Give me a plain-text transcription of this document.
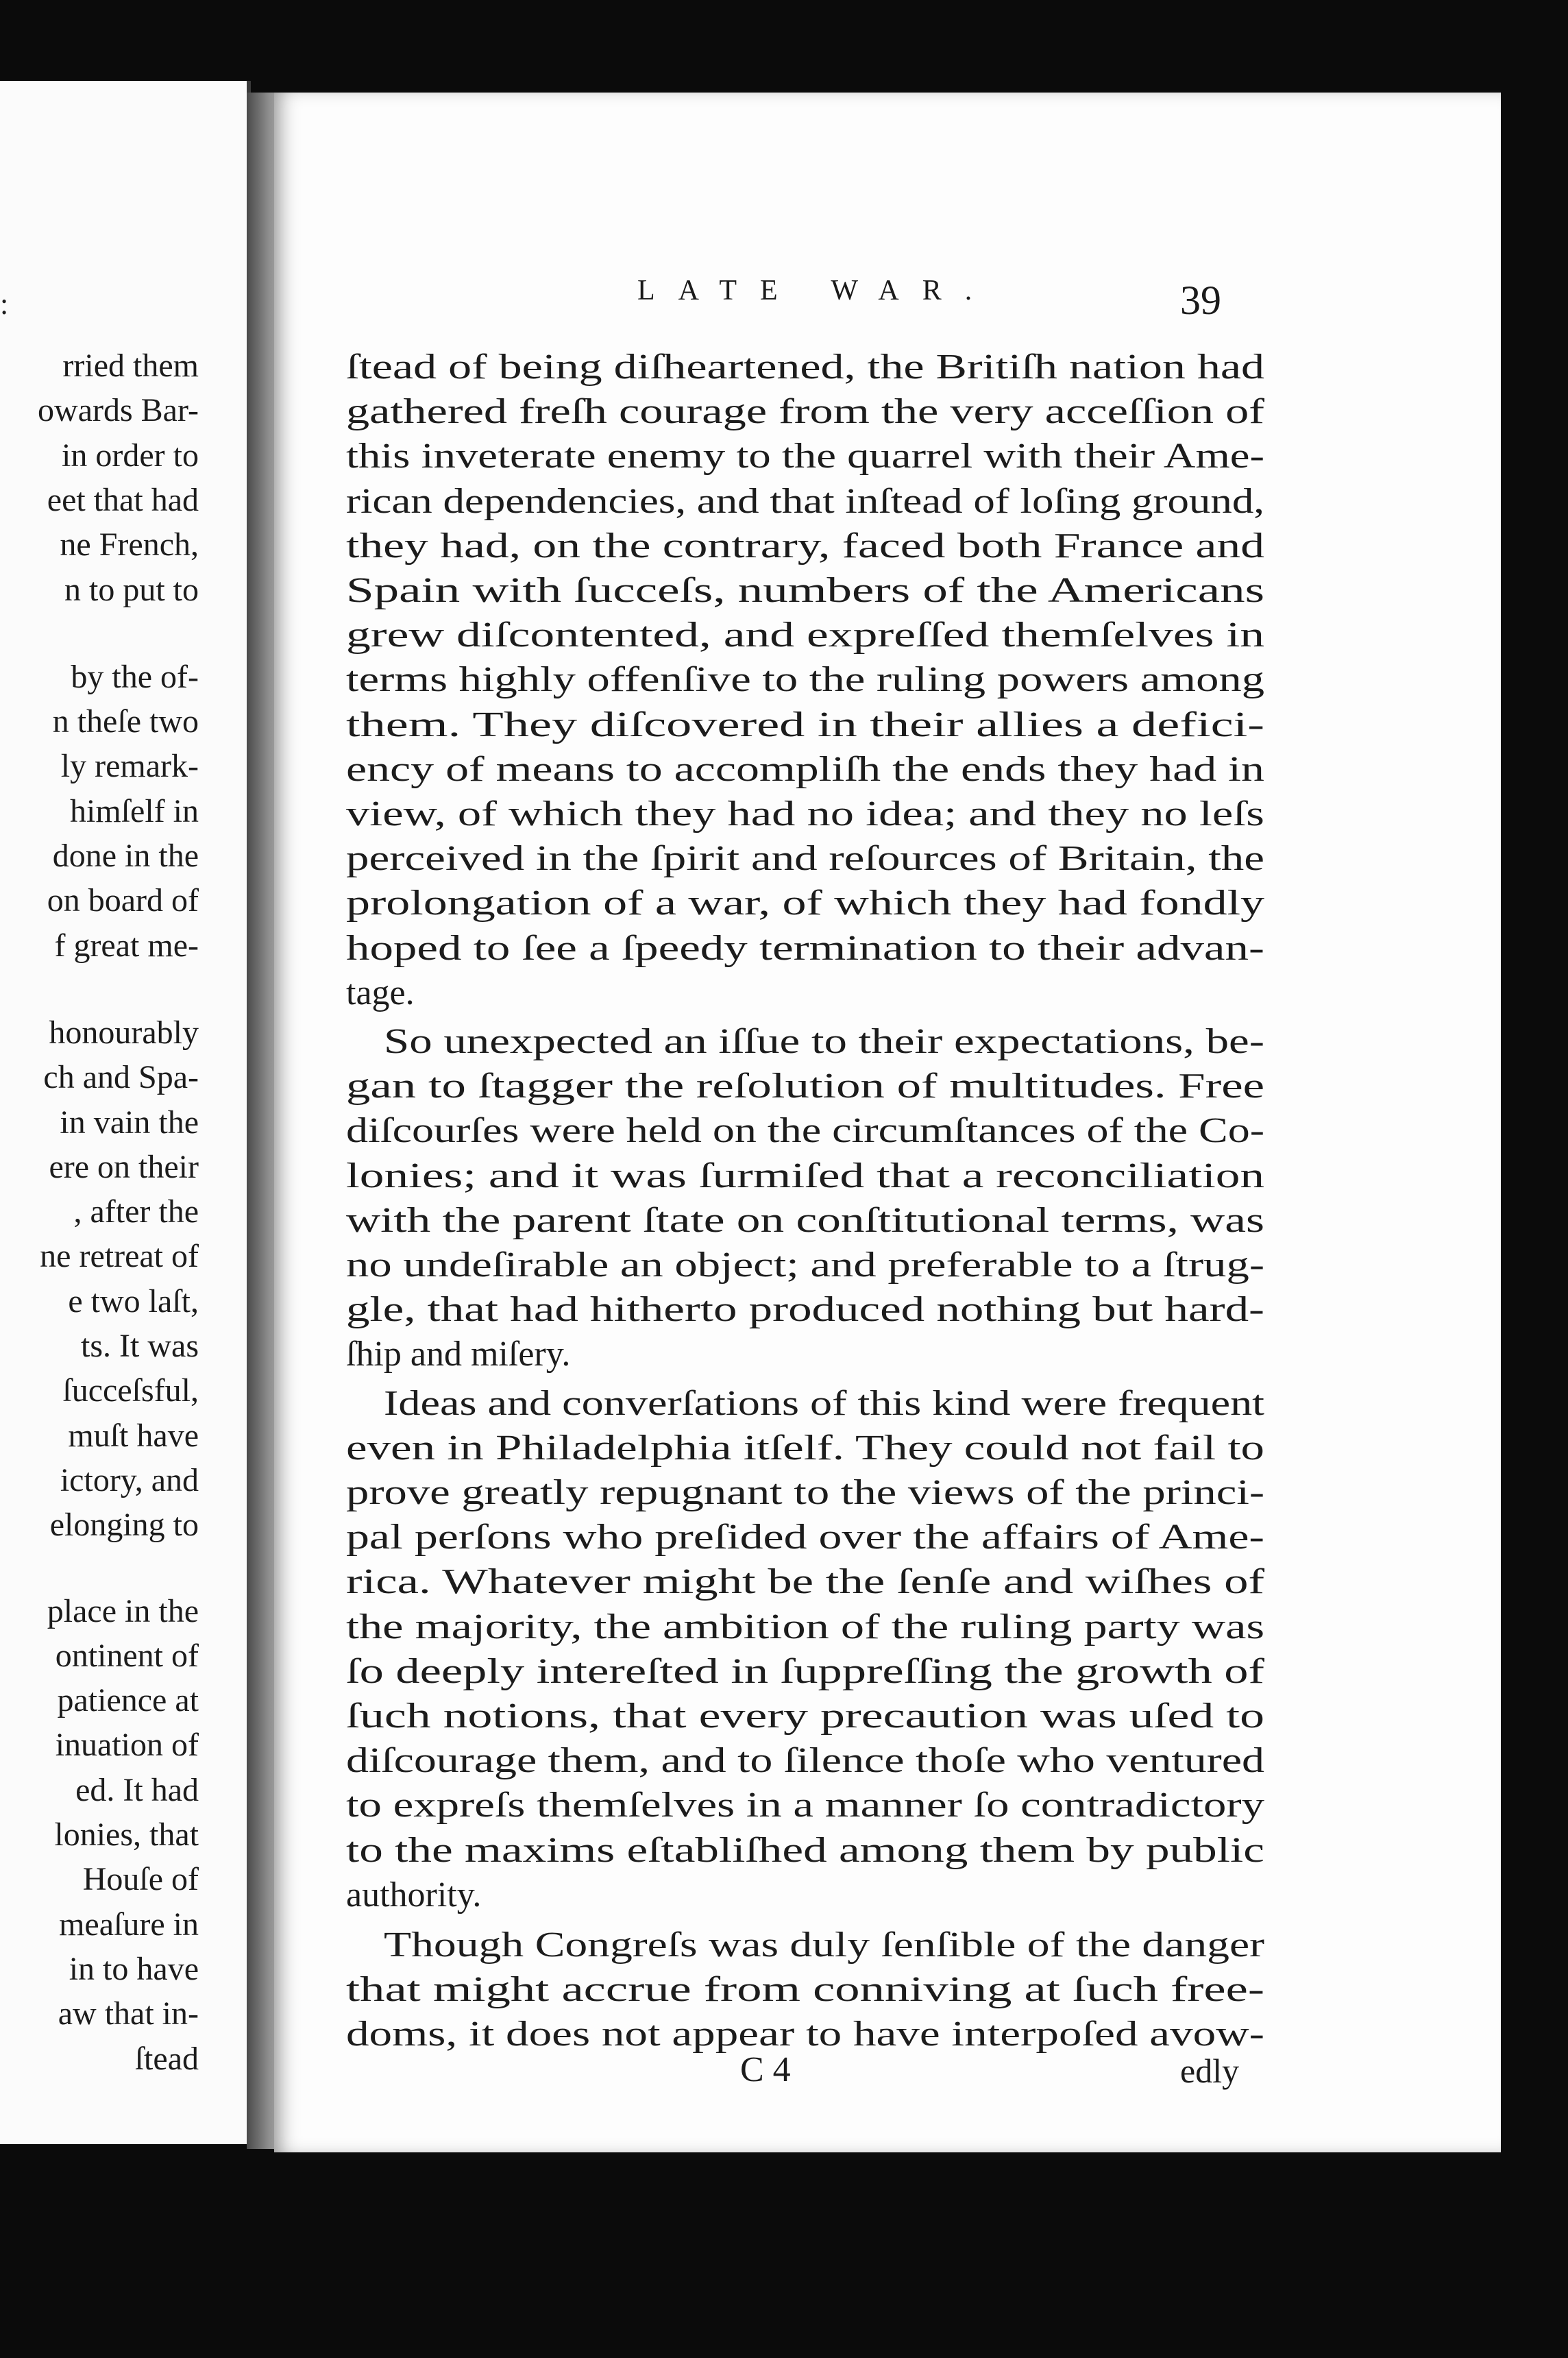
:
rried them
owards Bar-
in order to
eet that had
ne French,
n to put to
by the of-
n theſe two
ly remark-
himſelf in
done in the
on board of
f great me-
honourably
ch and Spa-
in vain the
ere on their
, after the
ne retreat of
e two laſt,
ts. It was
ſucceſsful,
muſt have
ictory, and
elonging to
place in the
ontinent of
patience at
inuation of
ed. It had
lonies, that
Houſe of
meaſure in
in to have
aw that in-
ſtead
LATE WAR.	39
ſtead of being diſheartened, the Britiſh nation had
gathered freſh courage from the very acceſſion of
this inveterate enemy to the quarrel with their Ame-
rican dependencies, and that inſtead of loſing ground,
they had, on the contrary, faced both France and
Spain with ſucceſs, numbers of the Americans
grew diſcontented, and expreſſed themſelves in
terms highly offenſive to the ruling powers among
them. They diſcovered in their allies a defici-
ency of means to accompliſh the ends they had in
view, of which they had no idea; and they no leſs
perceived in the ſpirit and reſources of Britain, the
prolongation of a war, of which they had fondly
hoped to ſee a ſpeedy termination to their advan-
tage.
So unexpected an iſſue to their expectations, be-
gan to ſtagger the reſolution of multitudes. Free
diſcourſes were held on the circumſtances of the Co-
lonies; and it was ſurmiſed that a reconciliation
with the parent ſtate on conſtitutional terms, was
no undeſirable an object; and preferable to a ſtrug-
gle, that had hitherto produced nothing but hard-
ſhip and miſery.
Ideas and converſations of this kind were frequent
even in Philadelphia itſelf. They could not fail to
prove greatly repugnant to the views of the princi-
pal perſons who preſided over the affairs of Ame-
rica. Whatever might be the ſenſe and wiſhes of
the majority, the ambition of the ruling party was
ſo deeply intereſted in ſuppreſſing the growth of
ſuch notions, that every precaution was uſed to
diſcourage them, and to ſilence thoſe who ventured
to expreſs themſelves in a manner ſo contradictory
to the maxims eſtabliſhed among them by public
authority.
Though Congreſs was duly ſenſible of the danger
that might accrue from conniving at ſuch free-
doms, it does not appear to have interpoſed avow-
C 4	edly
